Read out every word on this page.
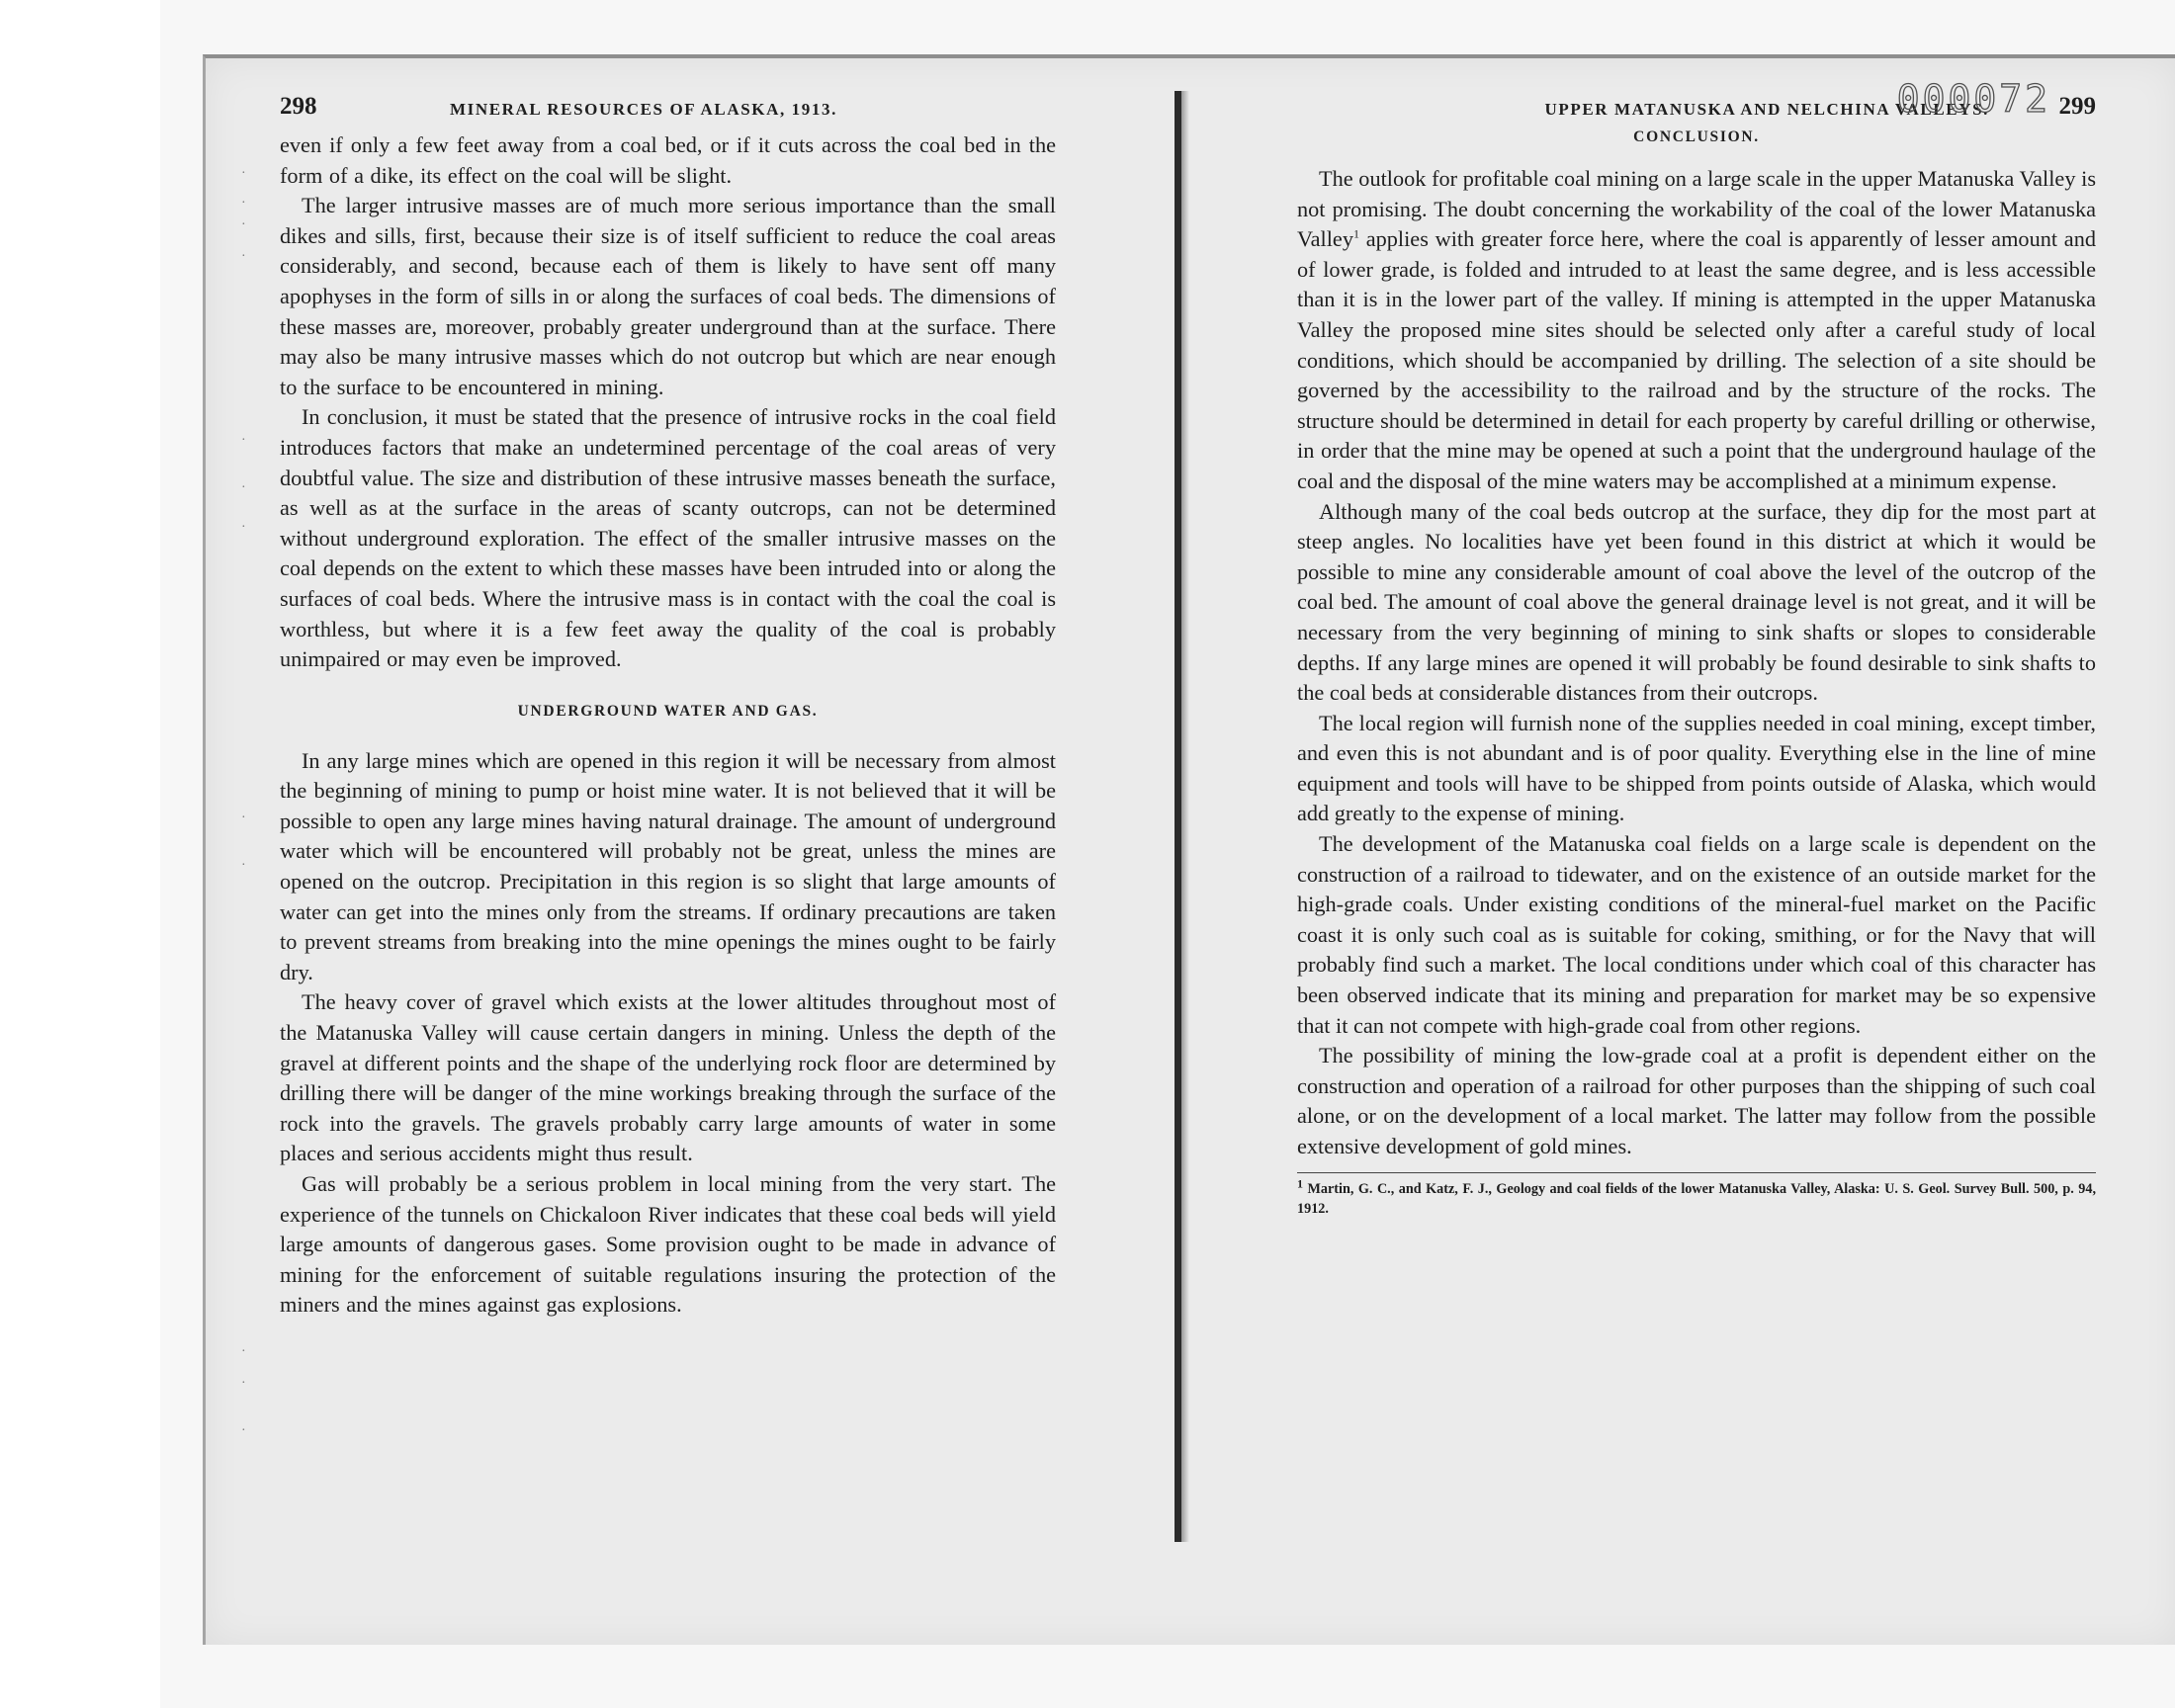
·
·
·
·
·
·
·
·
·
·
·
·
298	MINERAL RESOURCES OF ALASKA, 1913.

even if only a few feet away from a coal bed, or if it cuts across the coal bed in the form of a dike, its effect on the coal will be slight.

The larger intrusive masses are of much more serious importance than the small dikes and sills, first, because their size is of itself sufficient to reduce the coal areas considerably, and second, because each of them is likely to have sent off many apophyses in the form of sills in or along the surfaces of coal beds. The dimensions of these masses are, moreover, probably greater underground than at the surface. There may also be many intrusive masses which do not outcrop but which are near enough to the surface to be encountered in mining.

In conclusion, it must be stated that the presence of intrusive rocks in the coal field introduces factors that make an undetermined percentage of the coal areas of very doubtful value. The size and distribution of these intrusive masses beneath the surface, as well as at the surface in the areas of scanty outcrops, can not be determined without underground exploration. The effect of the smaller intrusive masses on the coal depends on the extent to which these masses have been intruded into or along the surfaces of coal beds. Where the intrusive mass is in contact with the coal the coal is worthless, but where it is a few feet away the quality of the coal is probably unimpaired or may even be improved.

UNDERGROUND WATER AND GAS.

In any large mines which are opened in this region it will be necessary from almost the beginning of mining to pump or hoist mine water. It is not believed that it will be possible to open any large mines having natural drainage. The amount of underground water which will be encountered will probably not be great, unless the mines are opened on the outcrop. Precipitation in this region is so slight that large amounts of water can get into the mines only from the streams. If ordinary precautions are taken to prevent streams from breaking into the mine openings the mines ought to be fairly dry.

The heavy cover of gravel which exists at the lower altitudes throughout most of the Matanuska Valley will cause certain dangers in mining. Unless the depth of the gravel at different points and the shape of the underlying rock floor are determined by drilling there will be danger of the mine workings breaking through the surface of the rock into the gravels. The gravels probably carry large amounts of water in some places and serious accidents might thus result.

Gas will probably be a serious problem in local mining from the very start. The experience of the tunnels on Chickaloon River indicates that these coal beds will yield large amounts of dangerous gases. Some provision ought to be made in advance of mining for the enforcement of suitable regulations insuring the protection of the miners and the mines against gas explosions.

UPPER MATANUSKA AND NELCHINA VALLEYS.
000072 299
CONCLUSION.

The outlook for profitable coal mining on a large scale in the upper Matanuska Valley is not promising. The doubt concerning the workability of the coal of the lower Matanuska Valley$^1$ applies with greater force here, where the coal is apparently of lesser amount and of lower grade, is folded and intruded to at least the same degree, and is less accessible than it is in the lower part of the valley. If mining is attempted in the upper Matanuska Valley the proposed mine sites should be selected only after a careful study of local conditions, which should be accompanied by drilling. The selection of a site should be governed by the accessibility to the railroad and by the structure of the rocks. The structure should be determined in detail for each property by careful drilling or otherwise, in order that the mine may be opened at such a point that the underground haulage of the coal and the disposal of the mine waters may be accomplished at a minimum expense.

Although many of the coal beds outcrop at the surface, they dip for the most part at steep angles. No localities have yet been found in this district at which it would be possible to mine any considerable amount of coal above the level of the outcrop of the coal bed. The amount of coal above the general drainage level is not great, and it will be necessary from the very beginning of mining to sink shafts or slopes to considerable depths. If any large mines are opened it will probably be found desirable to sink shafts to the coal beds at considerable distances from their outcrops.

The local region will furnish none of the supplies needed in coal mining, except timber, and even this is not abundant and is of poor quality. Everything else in the line of mine equipment and tools will have to be shipped from points outside of Alaska, which would add greatly to the expense of mining.

The development of the Matanuska coal fields on a large scale is dependent on the construction of a railroad to tidewater, and on the existence of an outside market for the high-grade coals. Under existing conditions of the mineral-fuel market on the Pacific coast it is only such coal as is suitable for coking, smithing, or for the Navy that will probably find such a market. The local conditions under which coal of this character has been observed indicate that its mining and preparation for market may be so expensive that it can not compete with high-grade coal from other regions.

The possibility of mining the low-grade coal at a profit is dependent either on the construction and operation of a railroad for other purposes than the shipping of such coal alone, or on the development of a local market. The latter may follow from the possible extensive development of gold mines.

$^1$ Martin, G. C., and Katz, F. J., Geology and coal fields of the lower Matanuska Valley, Alaska: U. S. Geol. Survey Bull. 500, p. 94, 1912.
